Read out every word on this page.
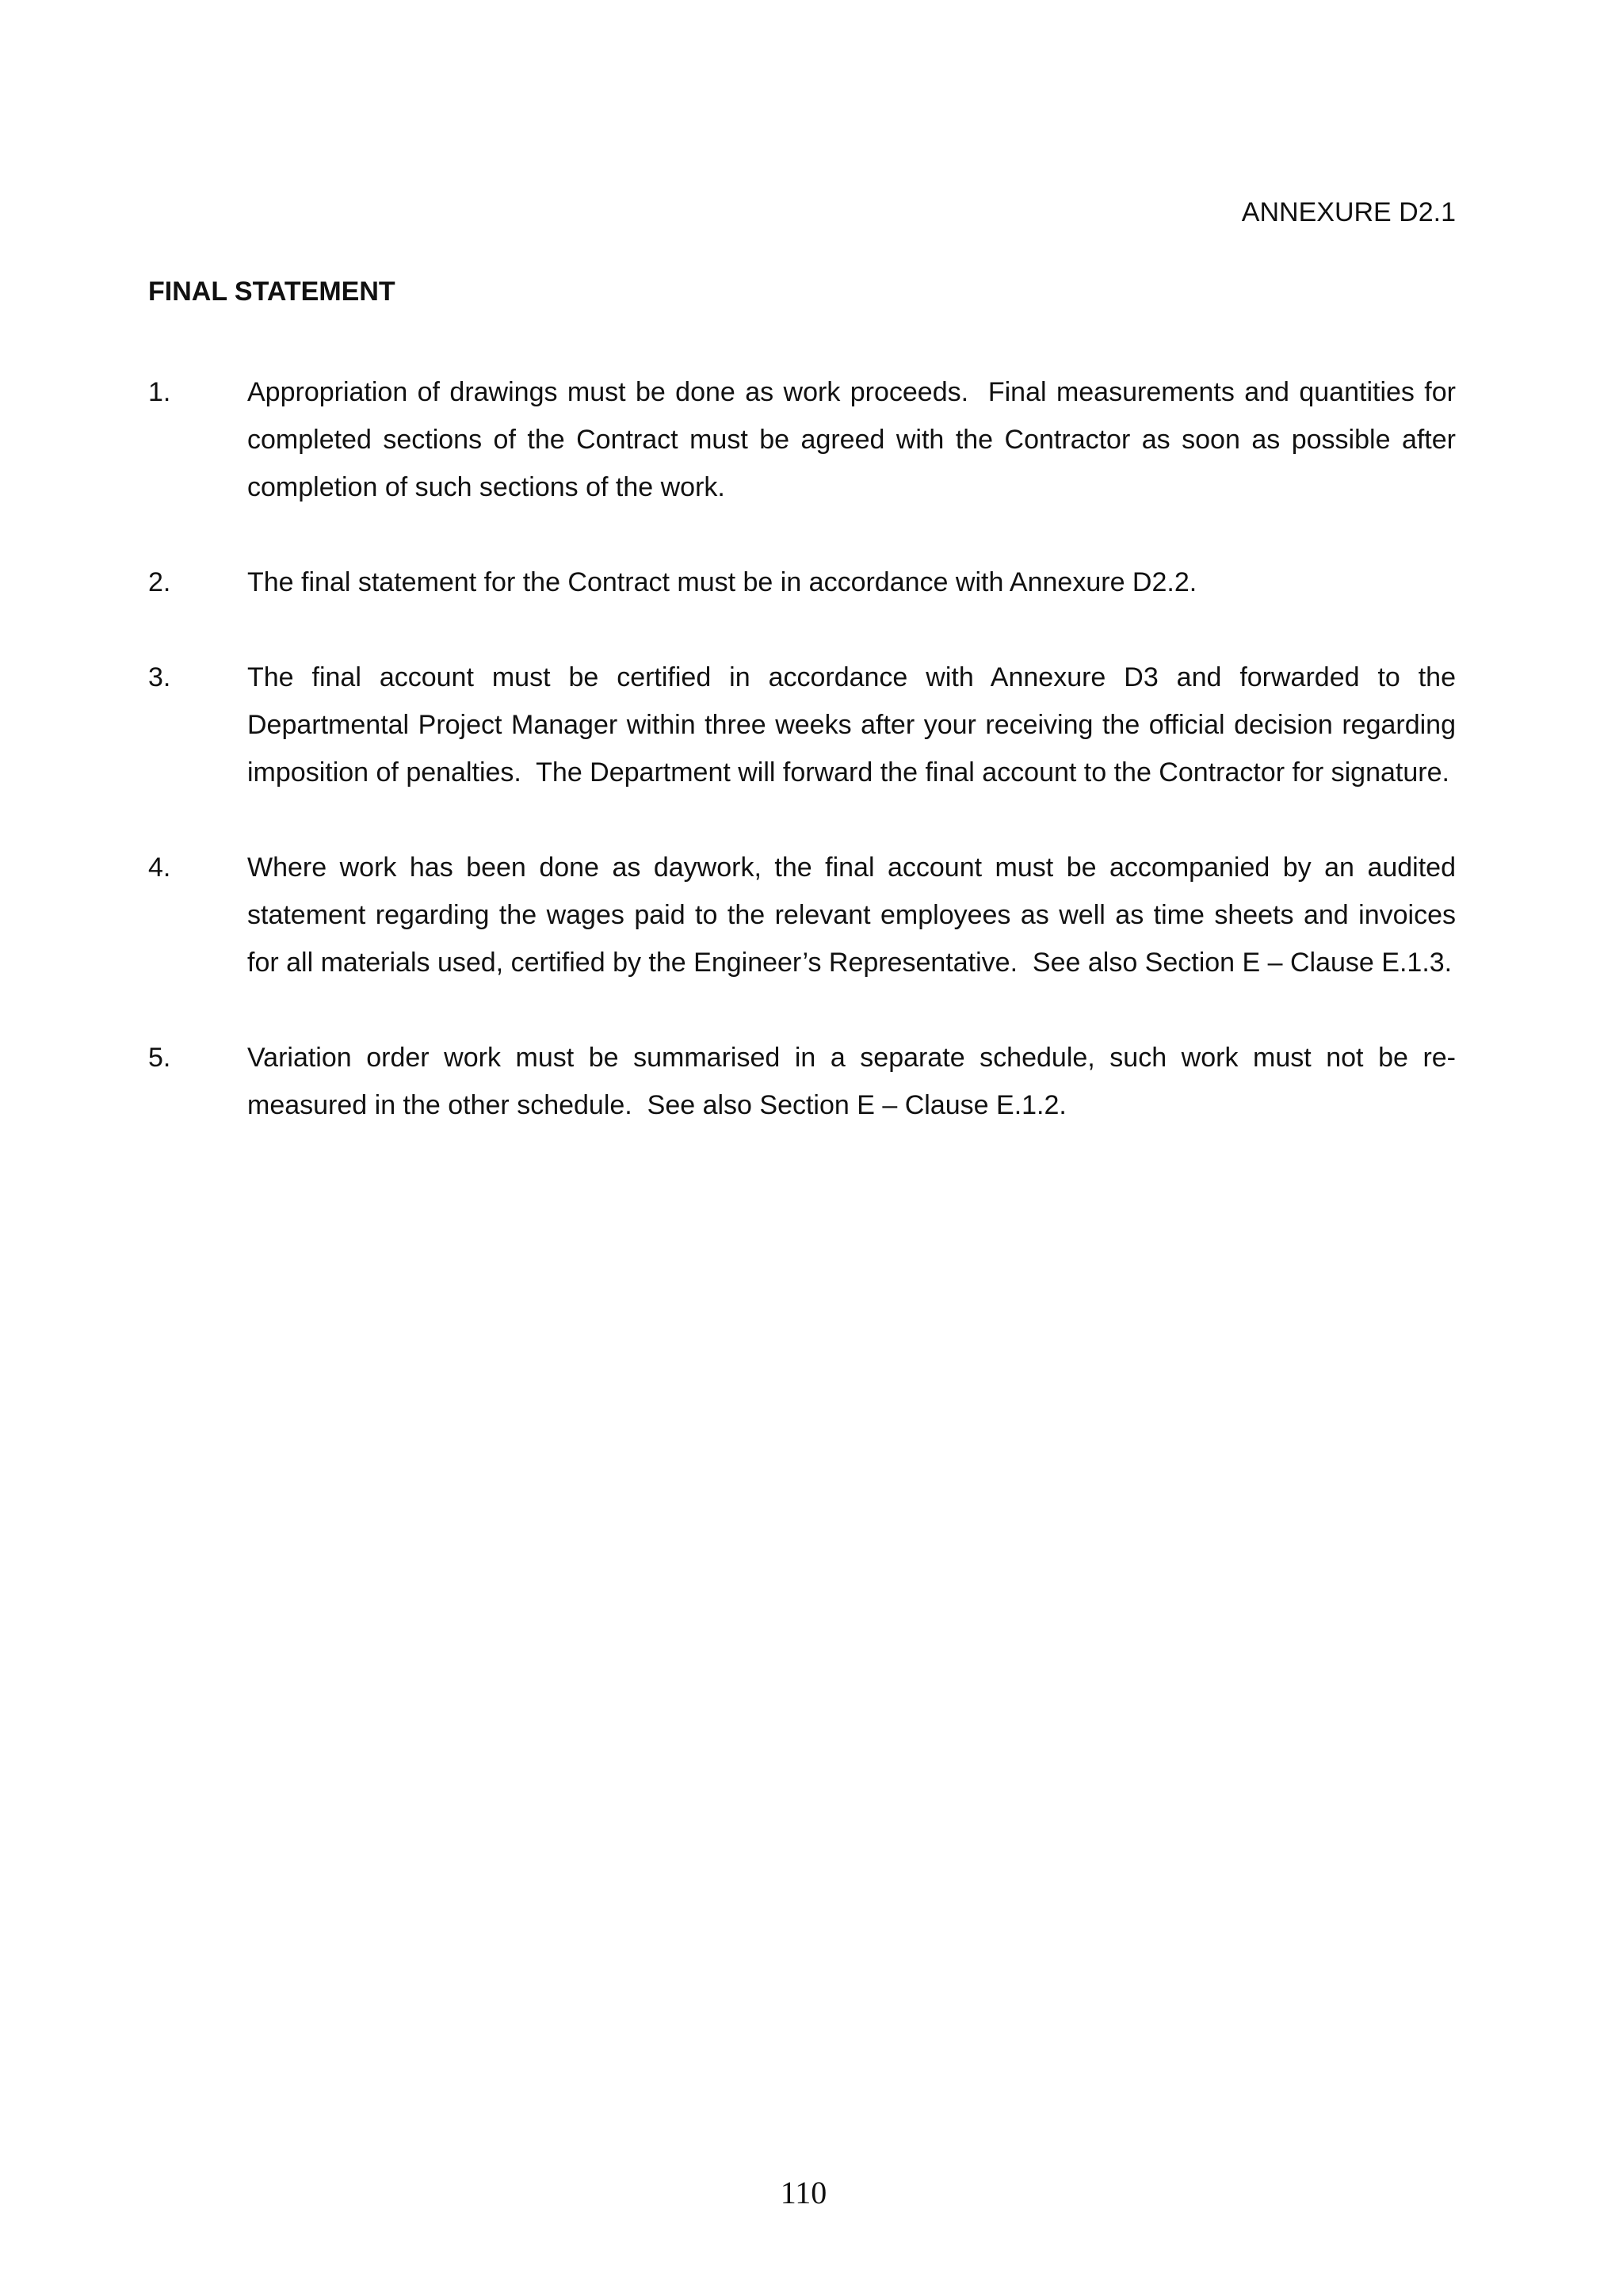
ANNEXURE D2.1
FINAL STATEMENT
1.	Appropriation of drawings must be done as work proceeds.  Final measurements and quantities for completed sections of the Contract must be agreed with the Contractor as soon as possible after completion of such sections of the work.
2.	The final statement for the Contract must be in accordance with Annexure D2.2.
3.	The final account must be certified in accordance with Annexure D3 and forwarded to the Departmental Project Manager within three weeks after your receiving the official decision regarding imposition of penalties.  The Department will forward the final account to the Contractor for signature.
4.	Where work has been done as daywork, the final account must be accompanied by an audited statement regarding the wages paid to the relevant employees as well as time sheets and invoices for all materials used, certified by the Engineer’s Representative.  See also Section E – Clause E.1.3.
5.	Variation order work must be summarised in a separate schedule, such work must not be re-measured in the other schedule.  See also Section E – Clause E.1.2.
110
